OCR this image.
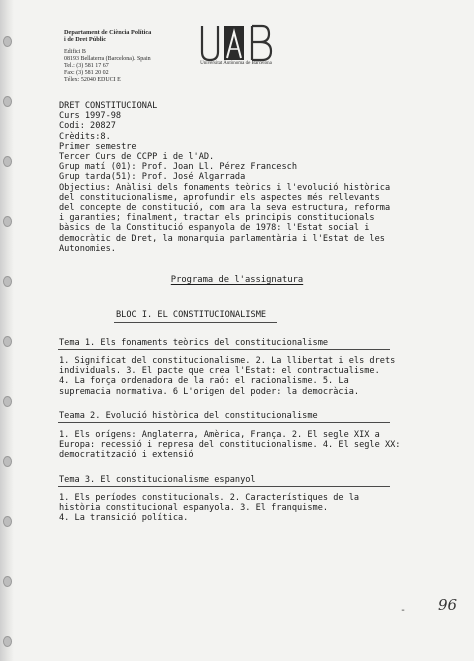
Departament de Ciència Política
i de Dret Públic
Edifici B
08193 Bellaterra (Barcelona). Spain
Tel.: (3) 581 17 67
Fax: (3) 581 20 02
Télex: 52040 EDUCI E
Universitat Autònoma de Barcelona
DRET CONSTITUCIONAL
Curs 1997-98
Codi: 20827
Crèdits:8.
Primer semestre
Tercer Curs de CCPP i de l'AD.
Grup matí (01): Prof. Joan Ll. Pérez Francesch
Grup tarda(51): Prof. José Algarrada
Objectius: Anàlisi dels fonaments teòrics i l'evolució històrica
del constitucionalisme, aprofundir els aspectes més rellevants
del concepte de constitució, com ara la seva estructura, reforma
i garanties; finalment, tractar els principis constitucionals
bàsics de la Constitució espanyola de 1978: l'Estat social i
democràtic de Dret, la monarquia parlamentària i l'Estat de les
Autonomies.
Programa de l'assignatura
BLOC I. EL CONSTITUCIONALISME
Tema 1. Els fonaments teòrics del constitucionalisme
1. Significat del constitucionalisme. 2. La llibertat i els drets
individuals. 3. El pacte que crea l'Estat: el contractualisme.
4. La força ordenadora de la raó: el racionalisme. 5. La
supremacia normativa. 6 L'origen del poder: la democràcia.
Teama 2. Evolució històrica del constitucionalisme
1. Els orígens: Anglaterra, Amèrica, França. 2. El segle XIX a
Europa: recessió i represa del constitucionalisme. 4. El segle XX:
democratització i extensió
Tema 3. El constitucionalisme espanyol
1. Els períodes constitucionals. 2. Característiques de la
història constitucional espanyola. 3. El franquisme.
4. La transició política.
- 96
